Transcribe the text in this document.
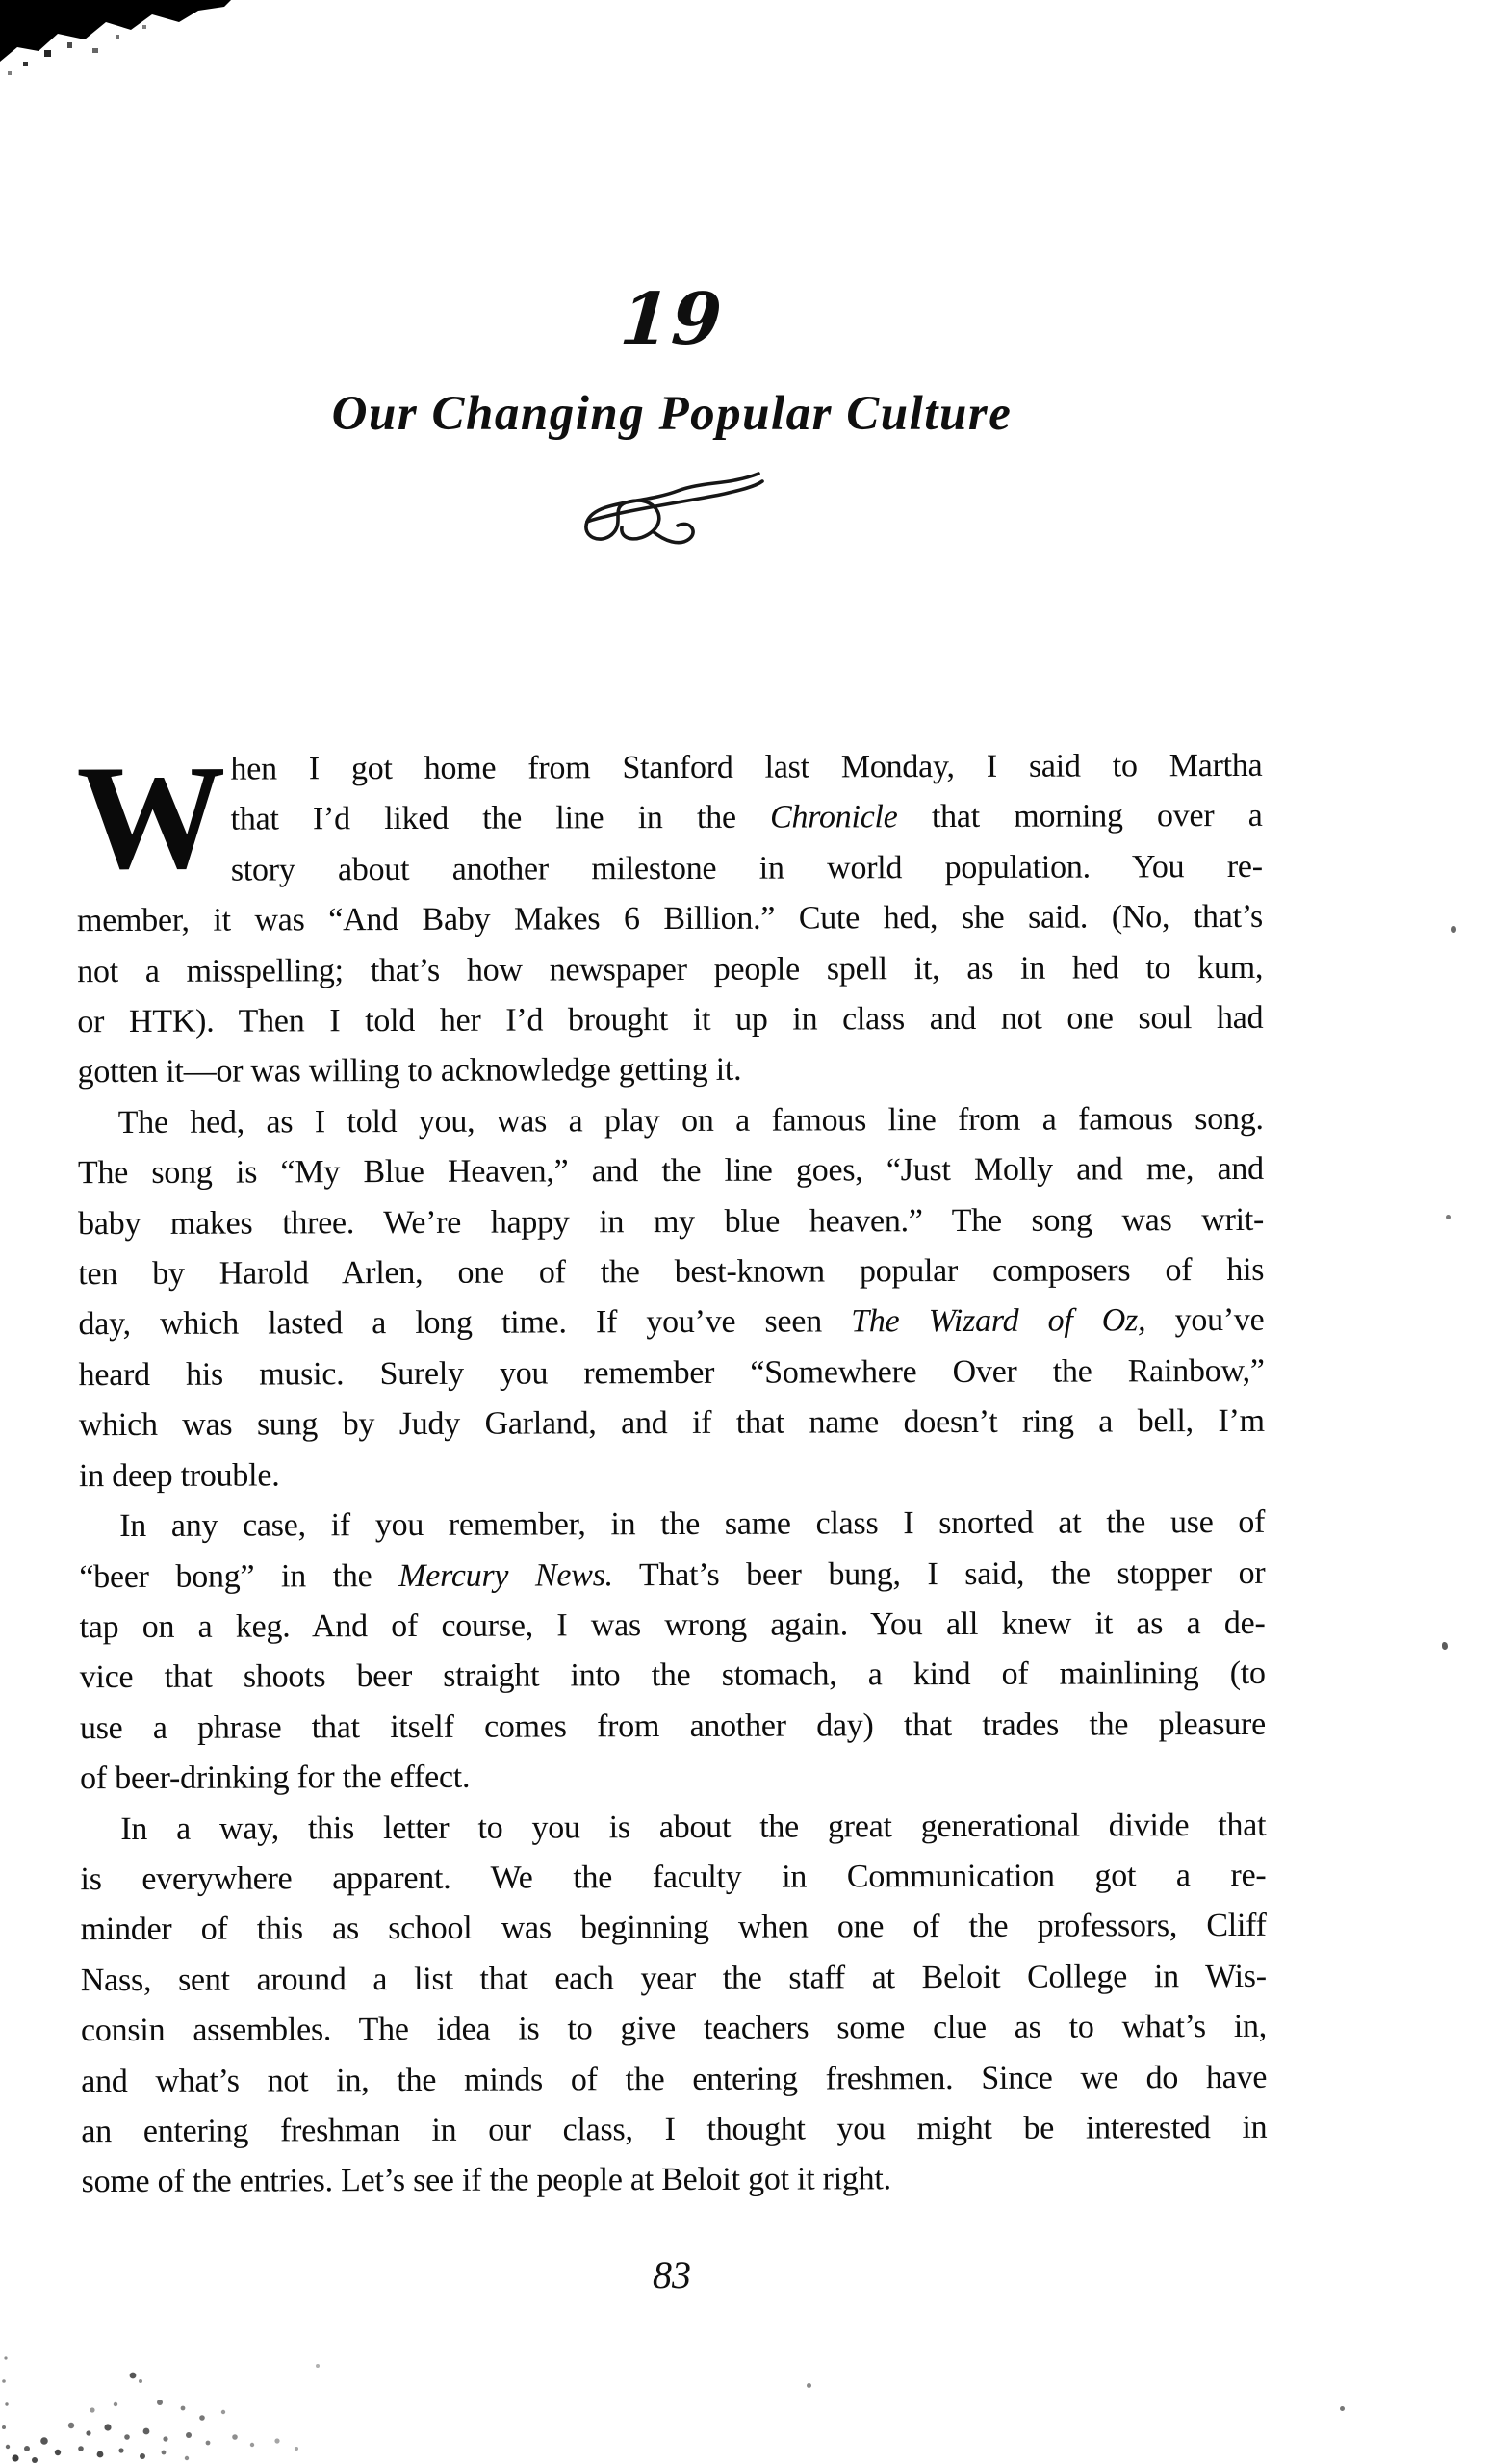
19
Our Changing Popular Culture
W hen I got home from Stanford last Monday, I said to Martha
that I’d liked the line in the Chronicle that morning over a
story about another milestone in world population. You re-
member, it was “And Baby Makes 6 Billion.” Cute hed, she said. (No, that’s
not a misspelling; that’s how newspaper people spell it, as in hed to kum,
or HTK). Then I told her I’d brought it up in class and not one soul had
gotten it—or was willing to acknowledge getting it.
The hed, as I told you, was a play on a famous line from a famous song.
The song is “My Blue Heaven,” and the line goes, “Just Molly and me, and
baby makes three. We’re happy in my blue heaven.” The song was writ-
ten by Harold Arlen, one of the best-known popular composers of his
day, which lasted a long time. If you’ve seen The Wizard of Oz, you’ve
heard his music. Surely you remember “Somewhere Over the Rainbow,”
which was sung by Judy Garland, and if that name doesn’t ring a bell, I’m
in deep trouble.
In any case, if you remember, in the same class I snorted at the use of
“beer bong” in the Mercury News. That’s beer bung, I said, the stopper or
tap on a keg. And of course, I was wrong again. You all knew it as a de-
vice that shoots beer straight into the stomach, a kind of mainlining (to
use a phrase that itself comes from another day) that trades the pleasure
of beer-drinking for the effect.
In a way, this letter to you is about the great generational divide that
is everywhere apparent. We the faculty in Communication got a re-
minder of this as school was beginning when one of the professors, Cliff
Nass, sent around a list that each year the staff at Beloit College in Wis-
consin assembles. The idea is to give teachers some clue as to what’s in,
and what’s not in, the minds of the entering freshmen. Since we do have
an entering freshman in our class, I thought you might be interested in
some of the entries. Let’s see if the people at Beloit got it right.
83
